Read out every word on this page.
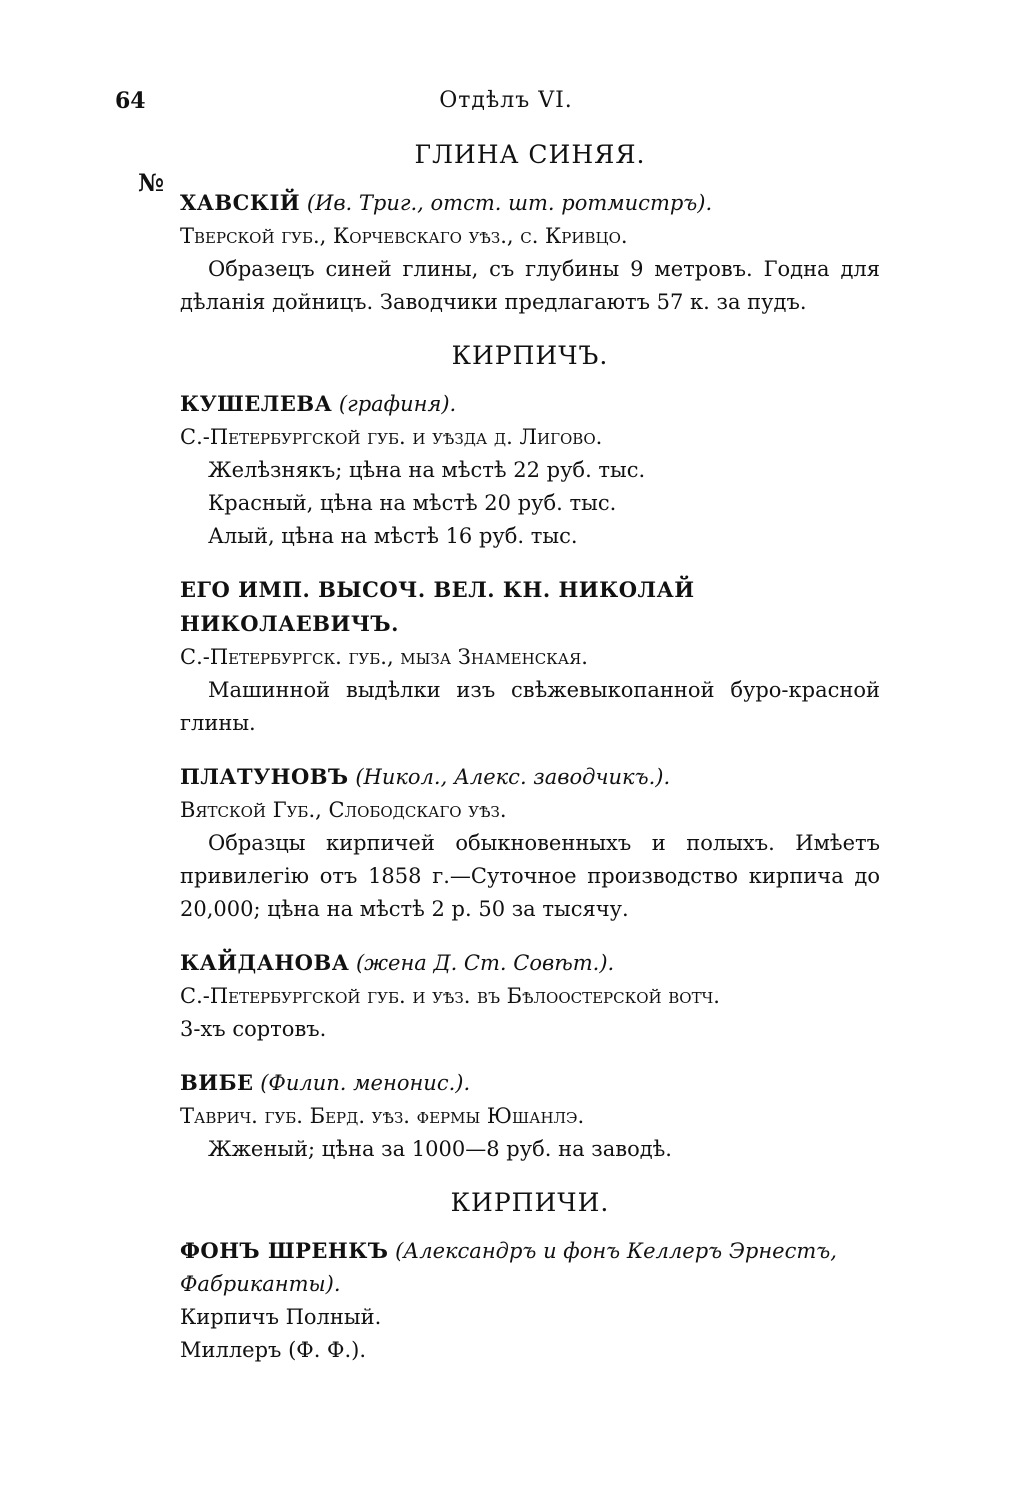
64	Отдѣлъ VI.
№
ГЛИНА СИНЯЯ.

ХАВСКІЙ (Ив. Триг., отст. шт. ротмистръ).

Тверской губ., Корчевскаго уѣз., с. Кривцо.

Образецъ синей глины, съ глубины 9 метровъ. Годна для дѣланія дойницъ. Заводчики предлагаютъ 57 к. за пудъ.

КИРПИЧЪ.

КУШЕЛЕВА (графиня).

С.-Петербургской губ. и уѣзда д. Лигово.

Желѣзнякъ; цѣна на мѣстѣ 22 руб. тыс.

Красный, цѣна на мѣстѣ 20 руб. тыс.

Алый, цѣна на мѣстѣ 16 руб. тыс.

ЕГО ИМП. ВЫСОЧ. ВЕЛ. КН. НИКОЛАЙ НИКОЛАЕВИЧЪ.

С.-Петербургск. губ., мыза Знаменская.

Машинной выдѣлки изъ свѣжевыкопанной буро-красной глины.

ПЛАТУНОВЪ (Никол., Алекс. заводчикъ.).

Вятской Губ., Слободскаго уѣз.

Образцы кирпичей обыкновенныхъ и полыхъ. Имѣетъ привилегію отъ 1858 г.—Суточное производство кирпича до 20,000; цѣна на мѣстѣ 2 р. 50 за тысячу.

КАЙДАНОВА (жена Д. Ст. Совѣт.).

С.-Петербургской губ. и уѣз. въ Бѣлоостерской вотч.

3-хъ сортовъ.

ВИБЕ (Филип. менонис.).

Таврич. губ. Берд. уѣз. фермы Юшанлэ.

Жженый; цѣна за 1000—8 руб. на заводѣ.

КИРПИЧИ.

ФОНЪ ШРЕНКЪ (Александръ и фонъ Келлеръ Эрнестъ, Фабриканты).

Кирпичъ Полный.

Миллеръ (Ф. Ф.).
